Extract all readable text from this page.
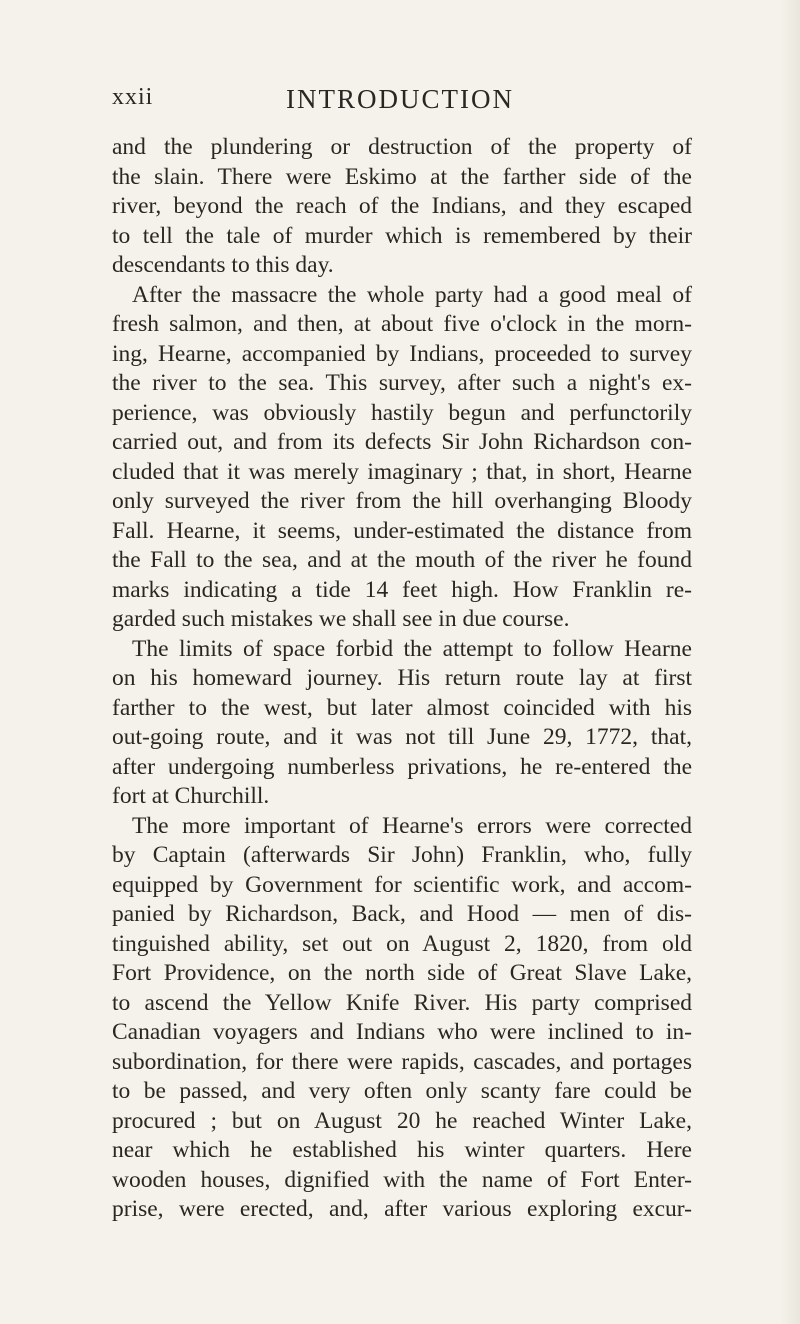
xxii	INTRODUCTION
and the plundering or destruction of the property of
the slain. There were Eskimo at the farther side of the
river, beyond the reach of the Indians, and they escaped
to tell the tale of murder which is remembered by their
descendants to this day.
After the massacre the whole party had a good meal of
fresh salmon, and then, at about five o'clock in the morn-
ing, Hearne, accompanied by Indians, proceeded to survey
the river to the sea. This survey, after such a night's ex-
perience, was obviously hastily begun and perfunctorily
carried out, and from its defects Sir John Richardson con-
cluded that it was merely imaginary ; that, in short, Hearne
only surveyed the river from the hill overhanging Bloody
Fall. Hearne, it seems, under-estimated the distance from
the Fall to the sea, and at the mouth of the river he found
marks indicating a tide 14 feet high. How Franklin re-
garded such mistakes we shall see in due course.
The limits of space forbid the attempt to follow Hearne
on his homeward journey. His return route lay at first
farther to the west, but later almost coincided with his
out-going route, and it was not till June 29, 1772, that,
after undergoing numberless privations, he re-entered the
fort at Churchill.
The more important of Hearne's errors were corrected
by Captain (afterwards Sir John) Franklin, who, fully
equipped by Government for scientific work, and accom-
panied by Richardson, Back, and Hood — men of dis-
tinguished ability, set out on August 2, 1820, from old
Fort Providence, on the north side of Great Slave Lake,
to ascend the Yellow Knife River. His party comprised
Canadian voyagers and Indians who were inclined to in-
subordination, for there were rapids, cascades, and portages
to be passed, and very often only scanty fare could be
procured ; but on August 20 he reached Winter Lake,
near which he established his winter quarters. Here
wooden houses, dignified with the name of Fort Enter-
prise, were erected, and, after various exploring excur-
